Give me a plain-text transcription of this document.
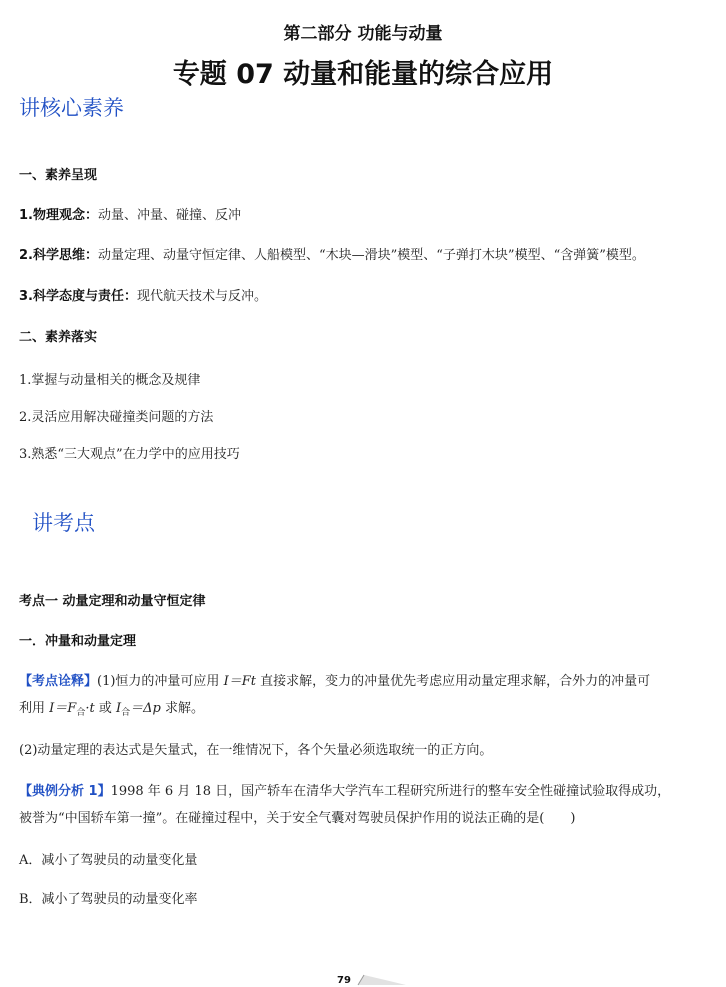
第二部分 功能与动量
专题 07 动量和能量的综合应用
讲核心素养
一、素养呈现
1.物理观念：动量、冲量、碰撞、反冲
2.科学思维：动量定理、动量守恒定律、人船模型、“木块—滑块”模型、“子弹打木块”模型、“含弹簧”模型。
3.科学态度与责任：现代航天技术与反冲。
二、素养落实
1.掌握与动量相关的概念及规律
2.灵活应用解决碰撞类问题的方法
3.熟悉“三大观点”在力学中的应用技巧
讲考点
考点一 动量定理和动量守恒定律
一．冲量和动量定理
【考点诠释】(1)恒力的冲量可应用 I＝Ft 直接求解，变力的冲量优先考虑应用动量定理求解，合外力的冲量可
利用 $I=F_合\cdot t$ 或 $I_合=\Delta p$ 求解。
(2)动量定理的表达式是矢量式，在一维情况下，各个矢量必须选取统一的正方向。
【典例分析 1】1998 年 6 月 18 日，国产轿车在清华大学汽车工程研究所进行的整车安全性碰撞试验取得成功，
被誉为“中国轿车第一撞”。在碰撞过程中，关于安全气囊对驾驶员保护作用的说法正确的是(　　)
A．减小了驾驶员的动量变化量
B．减小了驾驶员的动量变化率
79
